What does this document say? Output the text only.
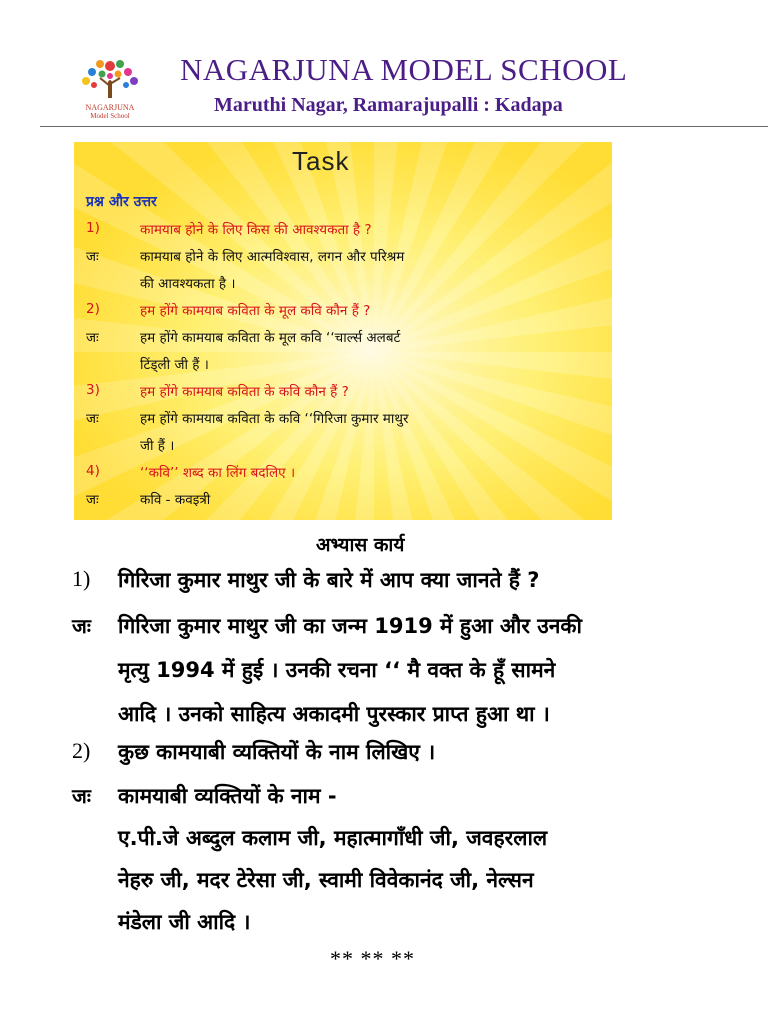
NAGARJUNA
Model School
NAGARJUNA MODEL SCHOOL
Maruthi Nagar, Ramarajupalli : Kadapa
Task
प्रश्न और उत्तर
1)	कामयाब होने के लिए किस की आवश्यकता है ?
जः	कामयाब होने के लिए आत्मविश्वास, लगन और परिश्रम
की आवश्यकता है ।
2)	हम होंगे कामयाब कविता के मूल कवि कौन हैं ?
जः	हम होंगे कामयाब कविता के मूल कवि ‘‘चार्ल्स अलबर्ट
टिंड्ली जी हैं ।
3)	हम होंगे कामयाब कविता के कवि कौन हैं ?
जः	हम होंगे कामयाब कविता के कवि ‘‘गिरिजा कुमार माथुर
जी हैं ।
4)	‘‘कवि’’ शब्द का लिंग बदलिए ।
जः	कवि - कवइत्री
अभ्यास कार्य
1) गिरिजा कुमार माथुर जी के बारे में आप क्या जानते हैं ?
जः गिरिजा कुमार माथुर जी का जन्म 1919 में हुआ और उनकी
मृत्यु 1994 में हुई । उनकी रचना ‘‘ मै वक्त के हूँ सामने
आदि । उनको साहित्य अकादमी पुरस्कार प्राप्त हुआ था ।
2) कुछ कामयाबी व्यक्तियों के नाम लिखिए ।
जः कामयाबी व्यक्तियों के नाम -
ए.पी.जे अब्दुल कलाम जी, महात्मागाँधी जी, जवहरलाल
नेहरु जी, मदर टेरेसा जी, स्वामी विवेकानंद जी, नेल्सन
मंडेला जी आदि ।
** ** **
